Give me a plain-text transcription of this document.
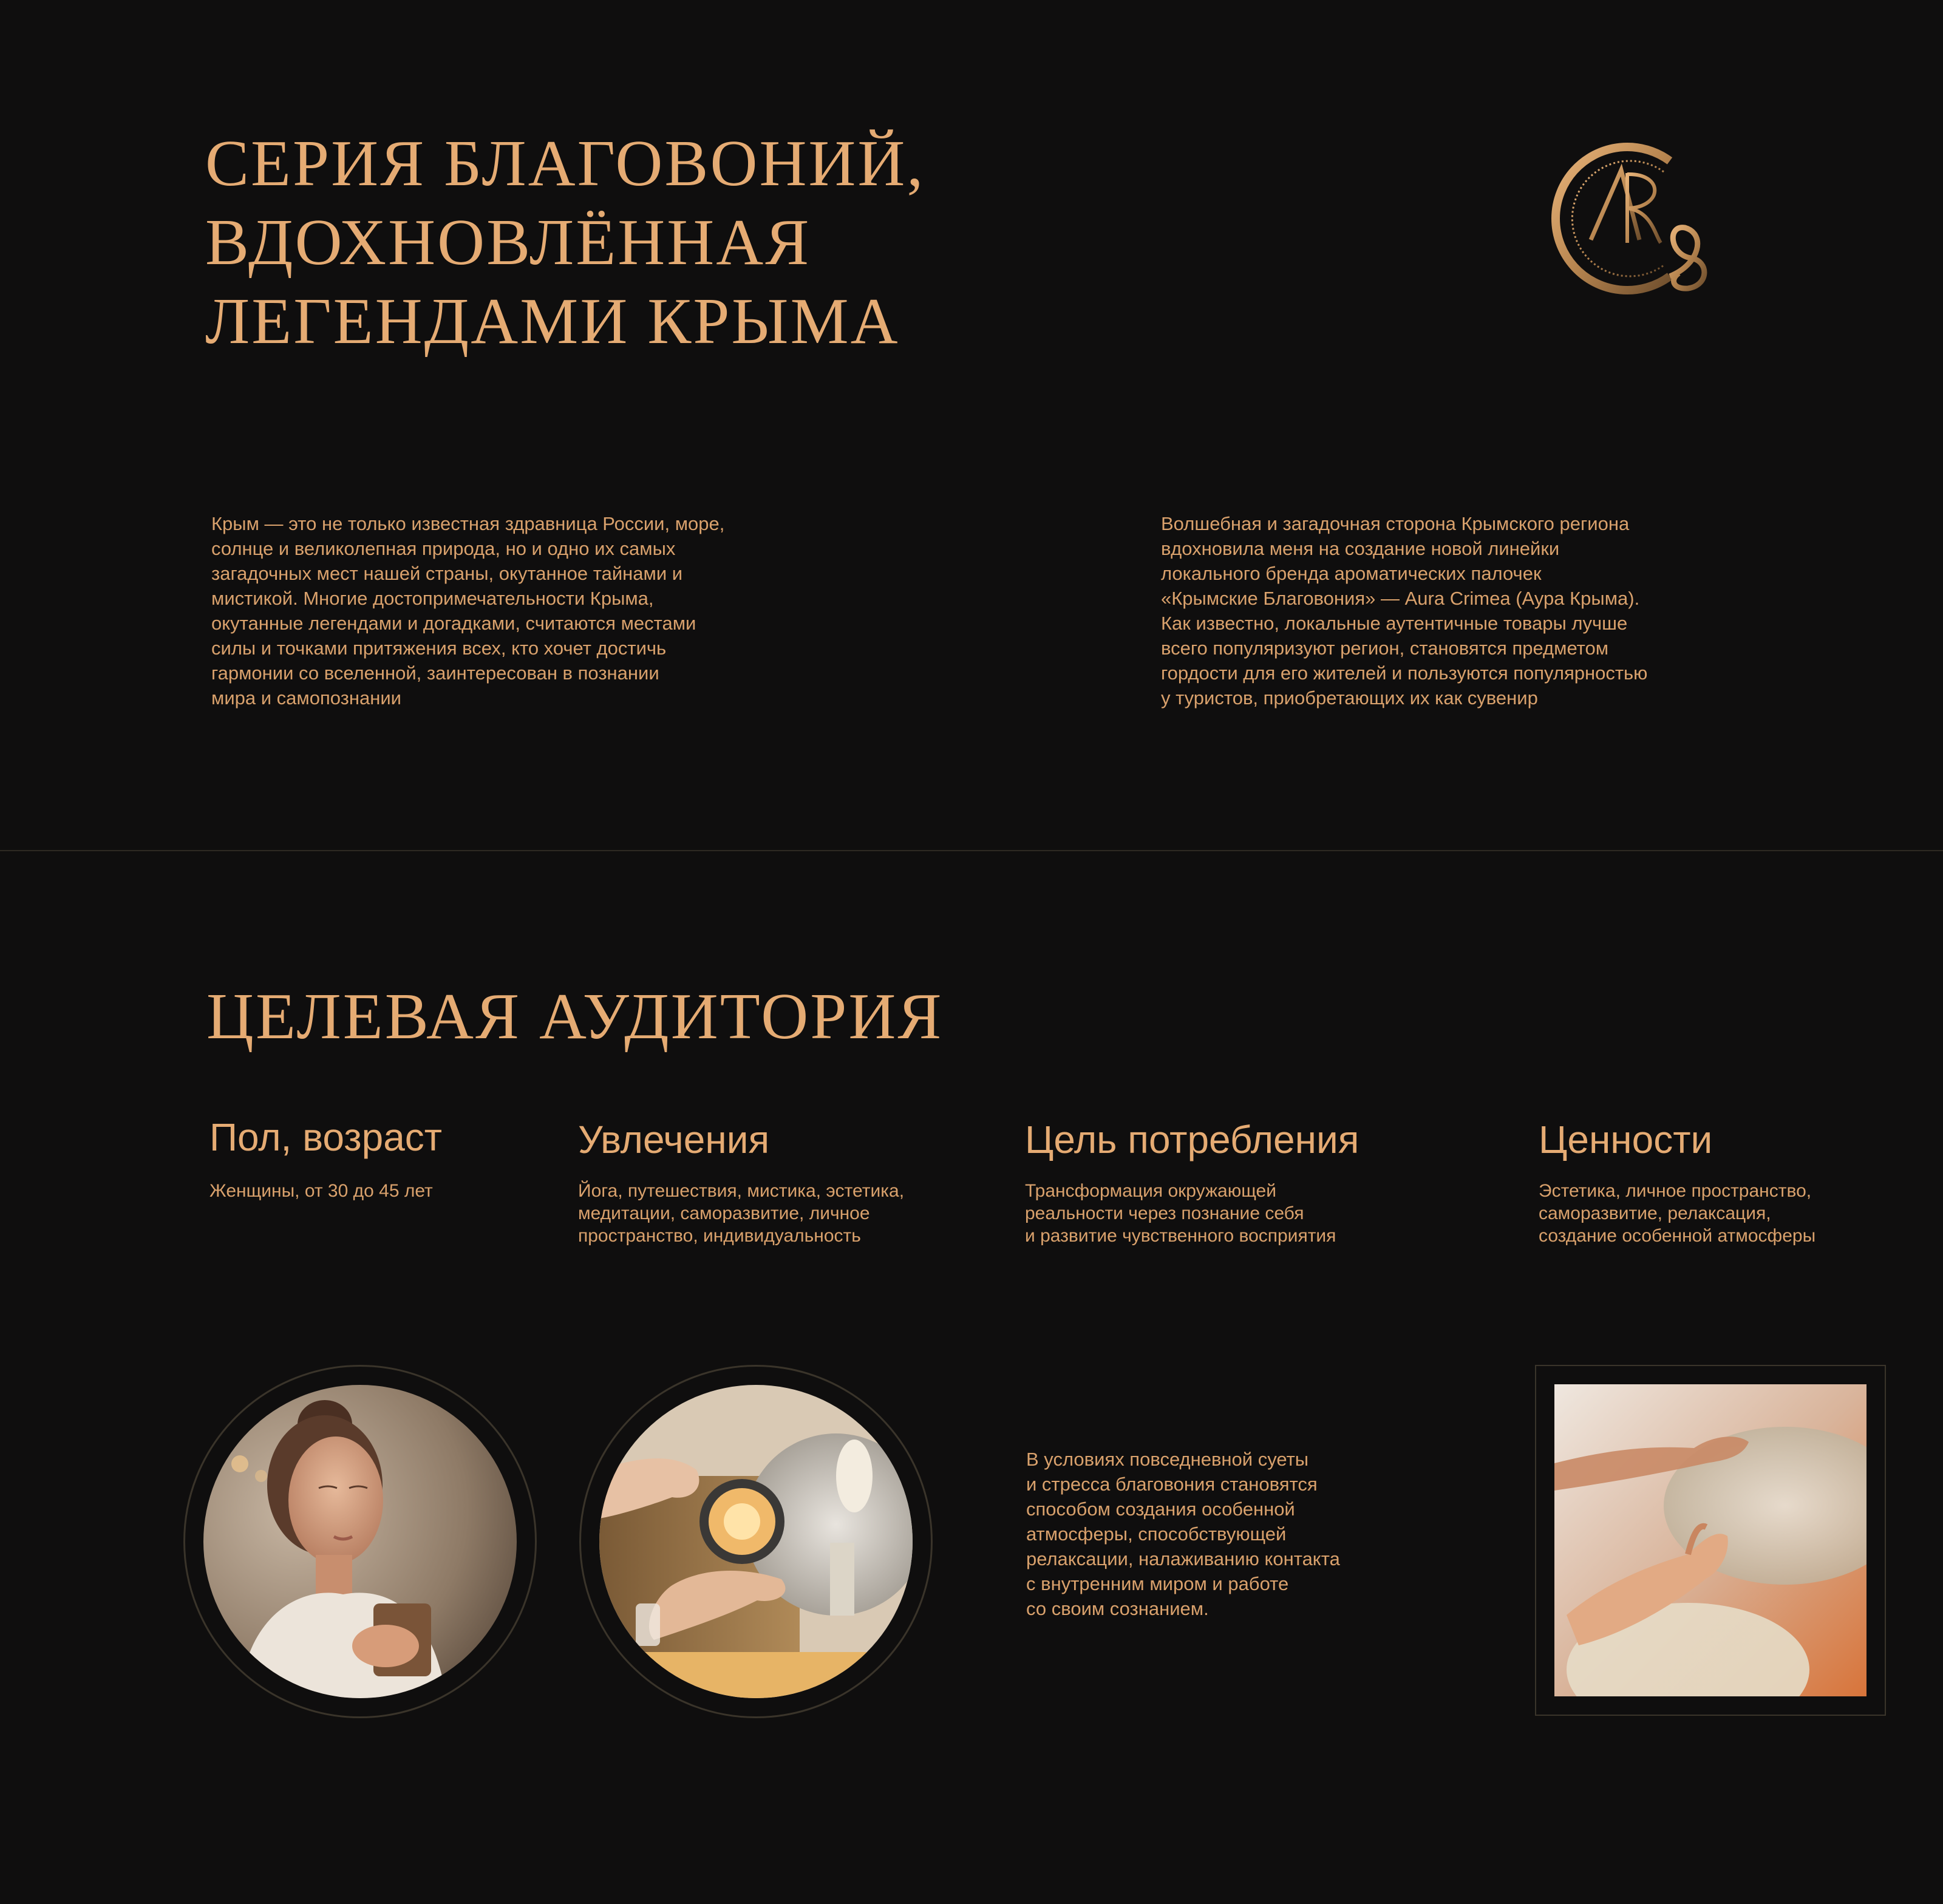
СЕРИЯ БЛАГОВОНИЙ,
ВДОХНОВЛЁННАЯ
ЛЕГЕНДАМИ КРЫМА

Крым — это не только известная здравница России, море,

солнце и великолепная природа, но и одно их самых

загадочных мест нашей страны, окутанное тайнами и

мистикой. Многие достопримечательности Крыма,

окутанные легендами и догадками, считаются местами

силы и точками притяжения всех, кто хочет достичь

гармонии со вселенной, заинтересован в познании

мира и самопознании

Волшебная и загадочная сторона Крымского региона

вдохновила меня на создание новой линейки

локального бренда ароматических палочек

«Крымские Благовония» — Aura Crimea (Аура Крыма).

Как известно, локальные аутентичные товары лучше

всего популяризуют регион, становятся предметом

гордости для его жителей и пользуются популярностью

у туристов, приобретающих их как сувенир

ЦЕЛЕВАЯ АУДИТОРИЯ

Пол, возраст

Женщины, от 30 до 45 лет

Увлечения

Йога, путешествия, мистика, эстетика,

медитации, саморазвитие, личное

пространство, индивидуальность

Цель потребления

Трансформация окружающей

реальности через познание себя

и развитие чувственного восприятия

Ценности

Эстетика, личное пространство,

саморазвитие, релаксация,

создание особенной атмосферы

В условиях повседневной суеты

и стресса благовония становятся

способом создания особенной

атмосферы, способствующей

релаксации, налаживанию контакта

с внутренним миром и работе

со своим сознанием.
